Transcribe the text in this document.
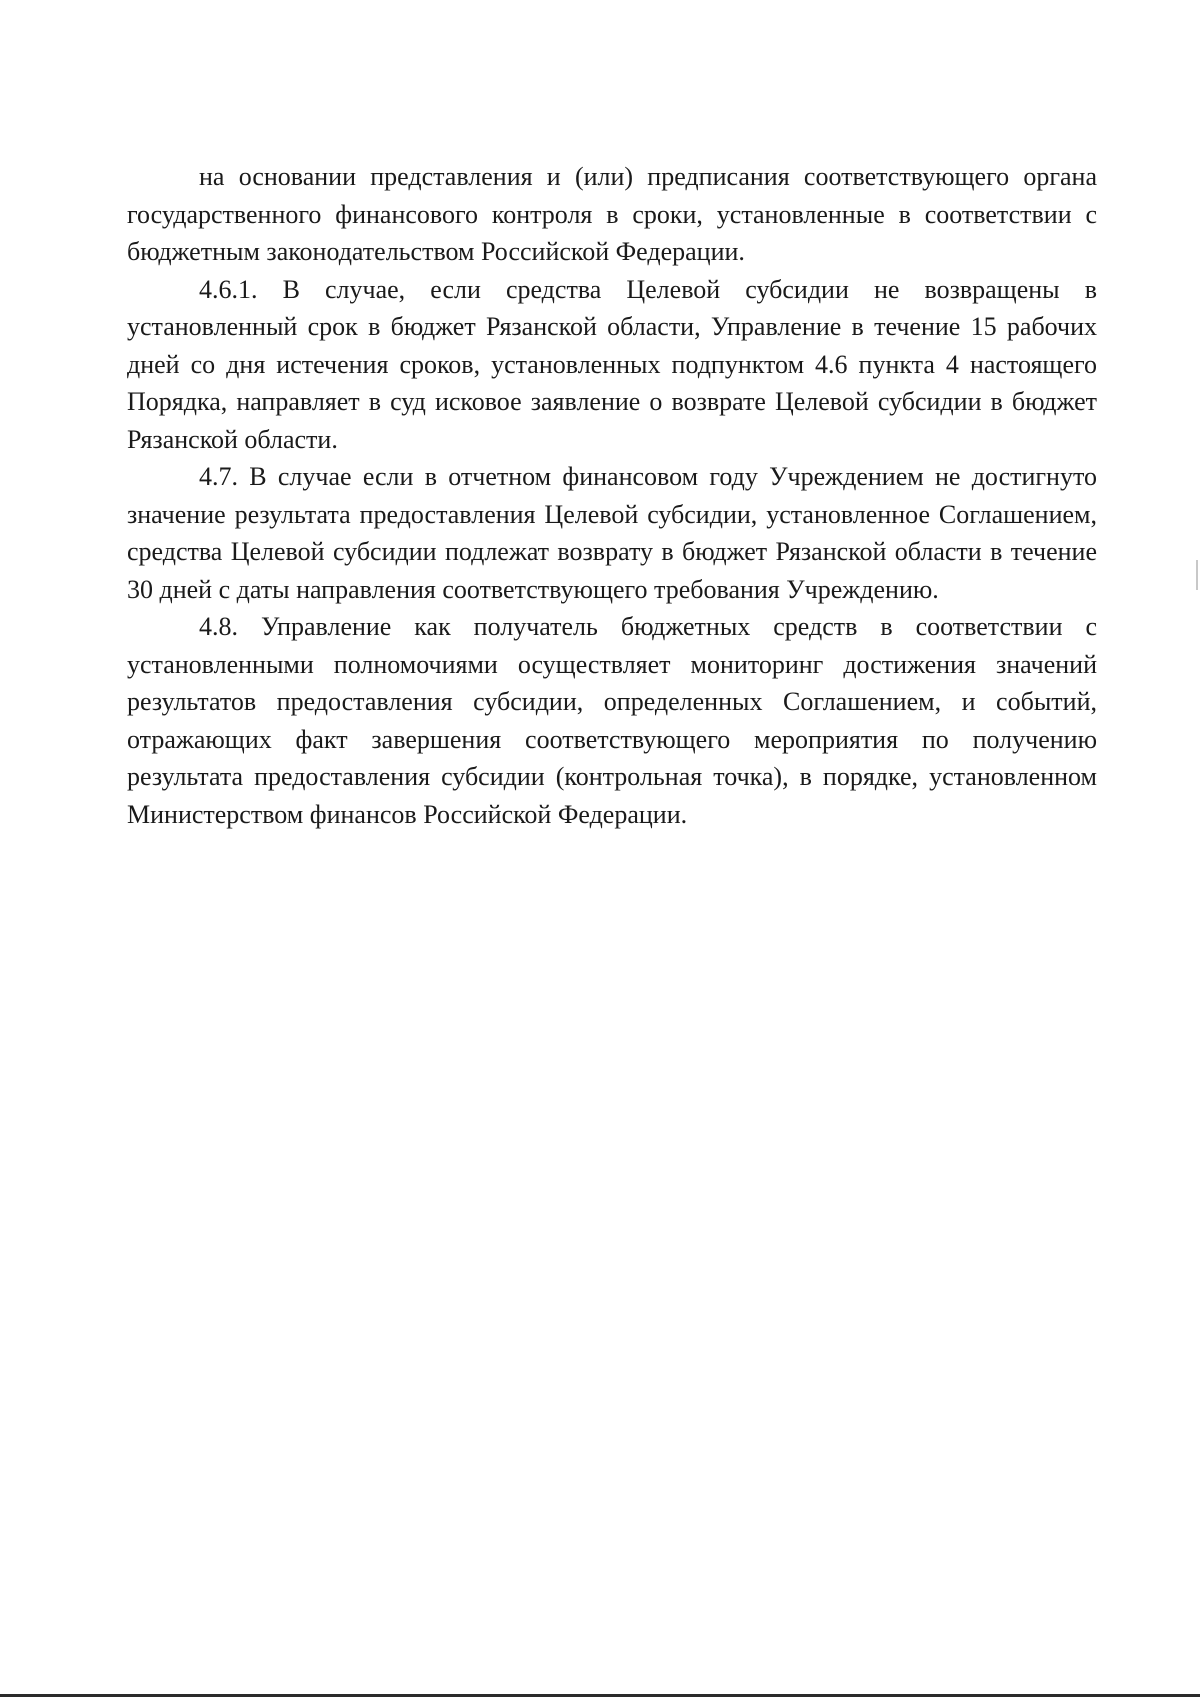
на основании представления и (или) предписания соответствующего органа государственного финансового контроля в сроки, установленные в соответствии с бюджетным законодательством Российской Федерации.

4.6.1. В случае, если средства Целевой субсидии не возвращены в установленный срок в бюджет Рязанской области, Управление в течение 15 рабочих дней со дня истечения сроков, установленных подпунктом 4.6 пункта 4 настоящего Порядка, направляет в суд исковое заявление о возврате Целевой субсидии в бюджет Рязанской области.

4.7. В случае если в отчетном финансовом году Учреждением не достигнуто значение результата предоставления Целевой субсидии, установленное Соглашением, средства Целевой субсидии подлежат возврату в бюджет Рязанской области в течение 30 дней с даты направления соответствующего требования Учреждению.

4.8. Управление как получатель бюджетных средств в соответствии с установленными полномочиями осуществляет мониторинг достижения значений результатов предоставления субсидии, определенных Соглашением, и событий, отражающих факт завершения соответствующего мероприятия по получению результата предоставления субсидии (контрольная точка), в порядке, установленном Министерством финансов Российской Федерации.
